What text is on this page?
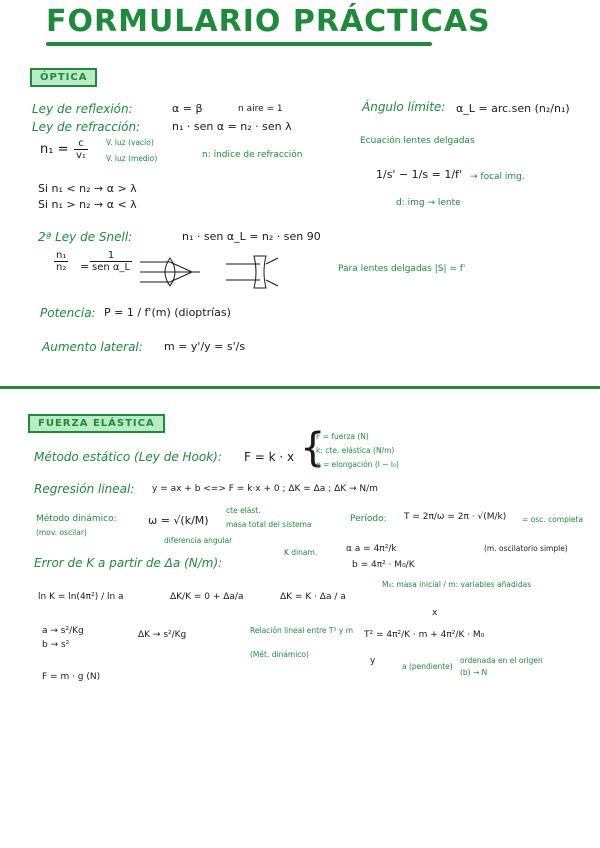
FORMULARIO PRÁCTICAS
ÓPTICA
Ley de reflexión:	α = β	n aire = 1
Ley de refracción:	n₁ · sen α = n₂ · sen λ
$n_1 = \frac{c}{\text{v₁}} V$. luz (vacío)
V. luz (medio)	n: índice de refracción
Si n₁ < n₂ → α > λ
Si n₁ > n₂ → α < λ
2ª Ley de Snell:	n₁ · sen α_L = n₂ · sen 90
$\frac{\text{n₁}}{\text{n₂}}$ =
1
sen α_L
Potencia: P = 1 / f'(m) (dioptrías)
Aumento lateral: m = y'/y = s'/s
Ángulo límite: α_L = arc.sen (n₂/n₁)
Ecuación lentes delgadas
1/s' − 1/s = 1/f' → focal img.
d: img → lente
Para lentes delgadas |S| = f'
FUERZA ELÁSTICA
Método estático (Ley de Hook): F = k · x {
F = fuerza (N)
k: cte. elástica (N/m)
x = elongación (l − l₀)
Regresión lineal: y = ax + b <=> F = k·x + 0 ; ΔK = Δa ; ΔK → N/m
Método dinámico:
(mov. oscilar)
ω = √(k/M)
cte elást.
masa total del sistema
diferencia angular
Período: T = 2π/ω = 2π · √(M/k) = osc. completa
Error de K a partir de Δa (N/m):
K dinam.	α a = 4π²/k
b = 4π² · M₀/K
(m. oscilatorio simple)
M₀: masa inicial / m: variables añadidas
ln K = ln(4π²) / ln a	ΔK/K = 0 + Δa/a	ΔK = K · Δa / a
a → s²/Kg
b → s²
ΔK → s²/Kg	Relación lineal entre T² y m
(Mét. dinámico)
x
T² = 4π²/K · m + 4π²/K · M₀
y
a (pendiente)
ordenada en el origen
(b) → N
F = m · g (N)
